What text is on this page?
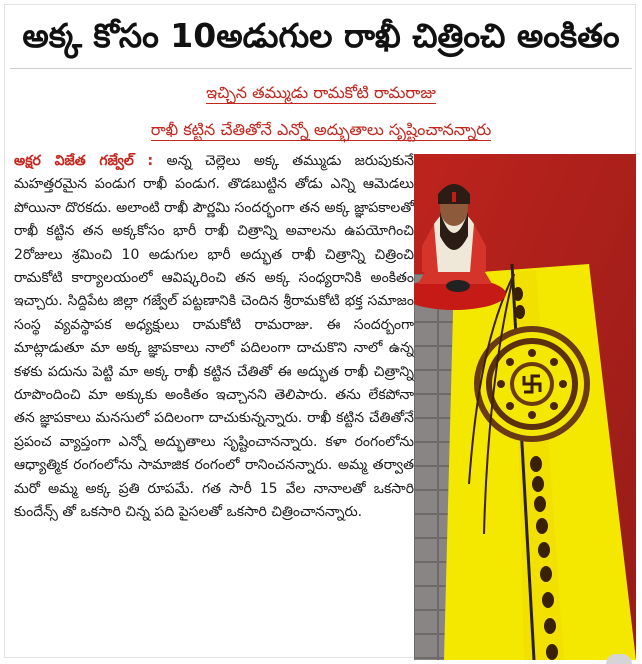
అక్క కోసం 10అడుగుల రాఖీ చిత్రించి అంకితం
ఇచ్చిన తమ్ముడు రామకోటి రామరాజు
రాఖీ కట్టిన చేతితోనే ఎన్నో అద్భుతాలు సృష్టించానన్నారు

అక్షర విజేత గజ్వేల్ : అన్న చెల్లెలు అక్క తమ్ముడు జరుపుకునే మహత్తరమైన పండుగ రాఖీ పండుగ. తొడబుట్టిన తోడు ఎన్ని ఆమెడలు పోయినా దొరకదు. అలాంటి రాఖీ పౌర్ణమి సందర్భంగా తన అక్క జ్ఞాపకాలతో రాఖీ కట్టిన తన అక్కకోసం భారీ రాఖీ చిత్రాన్ని అవాలను ఉపయోగించి 2రోజులు శ్రమించి 10 అడుగుల భారీ అద్భుత రాఖీ చిత్రాన్ని చిత్రించి రామకోటి కార్యాలయంలో ఆవిష్కరించి తన అక్క సంధ్యరానికి అంకితం ఇచ్చారు. సిద్దిపేట జిల్లా గజ్వేల్ పట్టణానికి చెందిన శ్రీరామకోటి భక్త సమాజం సంస్థ వ్యవస్థాపక అధ్యక్షులు రామకోటి రామరాజు. ఈ సందర్బంగా మాట్లాడుతూ మా అక్క జ్ఞాపకాలు నాలో పదిలంగా దాచుకొని నాలో ఉన్న కళకు పదును పెట్టి మా అక్క రాఖీ కట్టిన చేతితో ఈ అద్భుత రాఖీ చిత్రాన్ని రూపొందించి మా అక్కుకు అంకితం ఇచ్చానని తెలిపారు. తను లేకపోనా తన జ్ఞాపకాలు మనసులో పదిలంగా దాచుకున్నన్నారు. రాఖీ కట్టిన చేతితోనే ప్రపంచ వ్యాప్తంగా ఎన్నో అద్భుతాలు సృష్టించానన్నారు. కళా రంగంలోను ఆధ్యాత్మిక రంగంలోను సామాజిక రంగంలో రానించనన్నారు. అమ్మ తర్వాత మరో అమ్మ అక్క ప్రతి రూపమే. గత సారీ 15 వేల నానాలతో ఒకసారి కుందేన్స్ తో ఒకసారి చిన్న పది పైసలతో ఒకసారి చిత్రించానన్నారు.
